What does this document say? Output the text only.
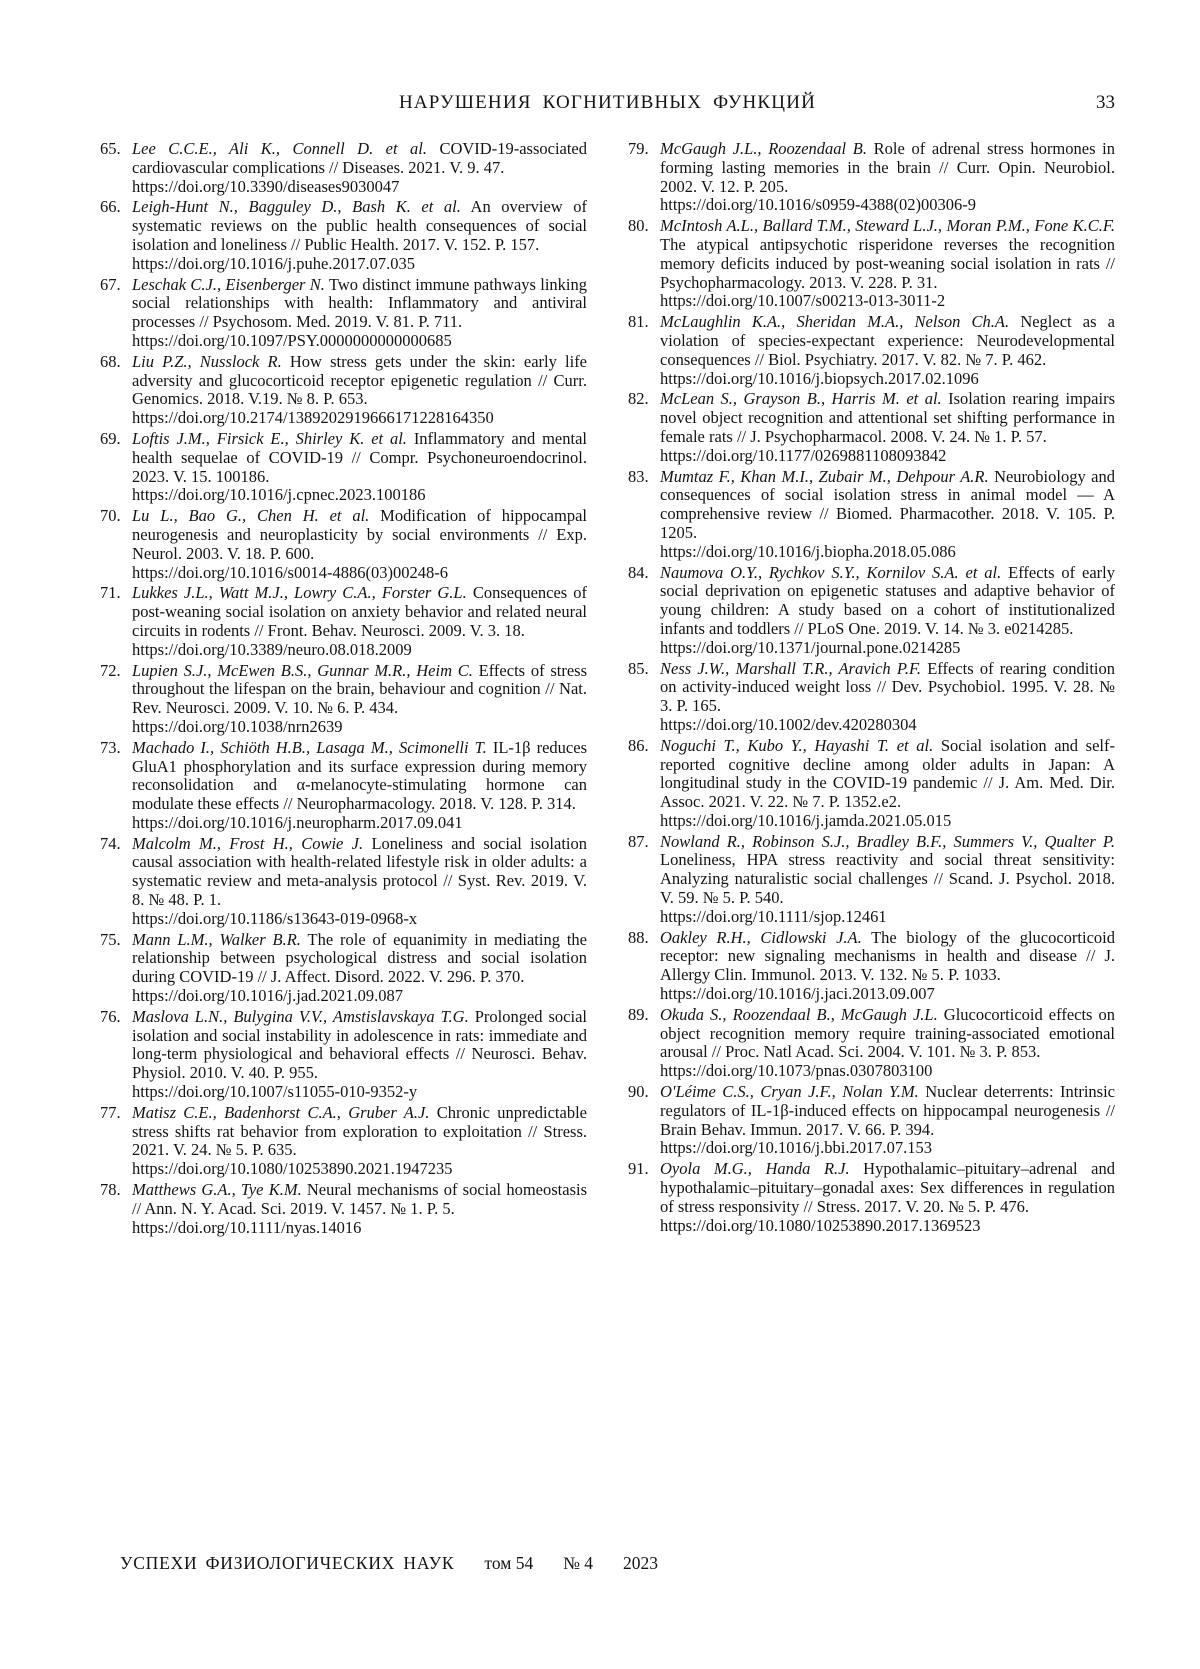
НАРУШЕНИЯ КОГНИТИВНЫХ ФУНКЦИЙ	33
65. Lee C.C.E., Ali K., Connell D. et al. COVID-19-associated cardiovascular complications // Diseases. 2021. V. 9. 47.
https://doi.org/10.3390/diseases9030047
66. Leigh-Hunt N., Bagguley D., Bash K. et al. An overview of systematic reviews on the public health consequences of social isolation and loneliness // Public Health. 2017. V. 152. P. 157.
https://doi.org/10.1016/j.puhe.2017.07.035
67. Leschak C.J., Eisenberger N. Two distinct immune pathways linking social relationships with health: Inflammatory and antiviral processes // Psychosom. Med. 2019. V. 81. P. 711.
https://doi.org/10.1097/PSY.0000000000000685
68. Liu P.Z., Nusslock R. How stress gets under the skin: early life adversity and glucocorticoid receptor epigenetic regulation // Curr. Genomics. 2018. V.19. № 8. P. 653.
https://doi.org/10.2174/1389202919666171228164350
69. Loftis J.M., Firsick E., Shirley K. et al. Inflammatory and mental health sequelae of COVID-19 // Compr. Psychoneuroendocrinol. 2023. V. 15. 100186.
https://doi.org/10.1016/j.cpnec.2023.100186
70. Lu L., Bao G., Chen H. et al. Modification of hippocampal neurogenesis and neuroplasticity by social environments // Exp. Neurol. 2003. V. 18. P. 600.
https://doi.org/10.1016/s0014-4886(03)00248-6
71. Lukkes J.L., Watt M.J., Lowry C.A., Forster G.L. Consequences of post-weaning social isolation on anxiety behavior and related neural circuits in rodents // Front. Behav. Neurosci. 2009. V. 3. 18.
https://doi.org/10.3389/neuro.08.018.2009
72. Lupien S.J., McEwen B.S., Gunnar M.R., Heim C. Effects of stress throughout the lifespan on the brain, behaviour and cognition // Nat. Rev. Neurosci. 2009. V. 10. № 6. P. 434.
https://doi.org/10.1038/nrn2639
73. Machado I., Schiöth H.B., Lasaga M., Scimonelli T. IL-1β reduces GluA1 phosphorylation and its surface expression during memory reconsolidation and α-melanocyte-stimulating hormone can modulate these effects // Neuropharmacology. 2018. V. 128. P. 314.
https://doi.org/10.1016/j.neuropharm.2017.09.041
74. Malcolm M., Frost H., Cowie J. Loneliness and social isolation causal association with health-related lifestyle risk in older adults: a systematic review and meta-analysis protocol // Syst. Rev. 2019. V. 8. № 48. P. 1.
https://doi.org/10.1186/s13643-019-0968-x
75. Mann L.M., Walker B.R. The role of equanimity in mediating the relationship between psychological distress and social isolation during COVID-19 // J. Affect. Disord. 2022. V. 296. P. 370.
https://doi.org/10.1016/j.jad.2021.09.087
76. Maslova L.N., Bulygina V.V., Amstislavskaya T.G. Prolonged social isolation and social instability in adolescence in rats: immediate and long-term physiological and behavioral effects // Neurosci. Behav. Physiol. 2010. V. 40. P. 955.
https://doi.org/10.1007/s11055-010-9352-y
77. Matisz C.E., Badenhorst C.A., Gruber A.J. Chronic unpredictable stress shifts rat behavior from exploration to exploitation // Stress. 2021. V. 24. № 5. P. 635.
https://doi.org/10.1080/10253890.2021.1947235
78. Matthews G.A., Tye K.M. Neural mechanisms of social homeostasis // Ann. N. Y. Acad. Sci. 2019. V. 1457. № 1. P. 5.
https://doi.org/10.1111/nyas.14016
79. McGaugh J.L., Roozendaal B. Role of adrenal stress hormones in forming lasting memories in the brain // Curr. Opin. Neurobiol. 2002. V. 12. P. 205.
https://doi.org/10.1016/s0959-4388(02)00306-9
80. McIntosh A.L., Ballard T.M., Steward L.J., Moran P.M., Fone K.C.F. The atypical antipsychotic risperidone reverses the recognition memory deficits induced by post-weaning social isolation in rats // Psychopharmacology. 2013. V. 228. P. 31.
https://doi.org/10.1007/s00213-013-3011-2
81. McLaughlin K.A., Sheridan M.A., Nelson Ch.A. Neglect as a violation of species-expectant experience: Neurodevelopmental consequences // Biol. Psychiatry. 2017. V. 82. № 7. P. 462.
https://doi.org/10.1016/j.biopsych.2017.02.1096
82. McLean S., Grayson B., Harris M. et al. Isolation rearing impairs novel object recognition and attentional set shifting performance in female rats // J. Psychopharmacol. 2008. V. 24. № 1. P. 57.
https://doi.org/10.1177/0269881108093842
83. Mumtaz F., Khan M.I., Zubair M., Dehpour A.R. Neurobiology and consequences of social isolation stress in animal model — A comprehensive review // Biomed. Pharmacother. 2018. V. 105. P. 1205.
https://doi.org/10.1016/j.biopha.2018.05.086
84. Naumova O.Y., Rychkov S.Y., Kornilov S.A. et al. Effects of early social deprivation on epigenetic statuses and adaptive behavior of young children: A study based on a cohort of institutionalized infants and toddlers // PLoS One. 2019. V. 14. № 3. e0214285.
https://doi.org/10.1371/journal.pone.0214285
85. Ness J.W., Marshall T.R., Aravich P.F. Effects of rearing condition on activity-induced weight loss // Dev. Psychobiol. 1995. V. 28. № 3. P. 165.
https://doi.org/10.1002/dev.420280304
86. Noguchi T., Kubo Y., Hayashi T. et al. Social isolation and self-reported cognitive decline among older adults in Japan: A longitudinal study in the COVID-19 pandemic // J. Am. Med. Dir. Assoc. 2021. V. 22. № 7. P. 1352.e2.
https://doi.org/10.1016/j.jamda.2021.05.015
87. Nowland R., Robinson S.J., Bradley B.F., Summers V., Qualter P. Loneliness, HPA stress reactivity and social threat sensitivity: Analyzing naturalistic social challenges // Scand. J. Psychol. 2018. V. 59. № 5. P. 540.
https://doi.org/10.1111/sjop.12461
88. Oakley R.H., Cidlowski J.A. The biology of the glucocorticoid receptor: new signaling mechanisms in health and disease // J. Allergy Clin. Immunol. 2013. V. 132. № 5. P. 1033.
https://doi.org/10.1016/j.jaci.2013.09.007
89. Okuda S., Roozendaal B., McGaugh J.L. Glucocorticoid effects on object recognition memory require training-associated emotional arousal // Proc. Natl Acad. Sci. 2004. V. 101. № 3. P. 853.
https://doi.org/10.1073/pnas.0307803100
90. O'Léime C.S., Cryan J.F., Nolan Y.M. Nuclear deterrents: Intrinsic regulators of IL-1β-induced effects on hippocampal neurogenesis // Brain Behav. Immun. 2017. V. 66. P. 394.
https://doi.org/10.1016/j.bbi.2017.07.153
91. Oyola M.G., Handa R.J. Hypothalamic–pituitary–adrenal and hypothalamic–pituitary–gonadal axes: Sex differences in regulation of stress responsivity // Stress. 2017. V. 20. № 5. P. 476.
https://doi.org/10.1080/10253890.2017.1369523
УСПЕХИ ФИЗИОЛОГИЧЕСКИХ НАУК том 54 № 4 2023
